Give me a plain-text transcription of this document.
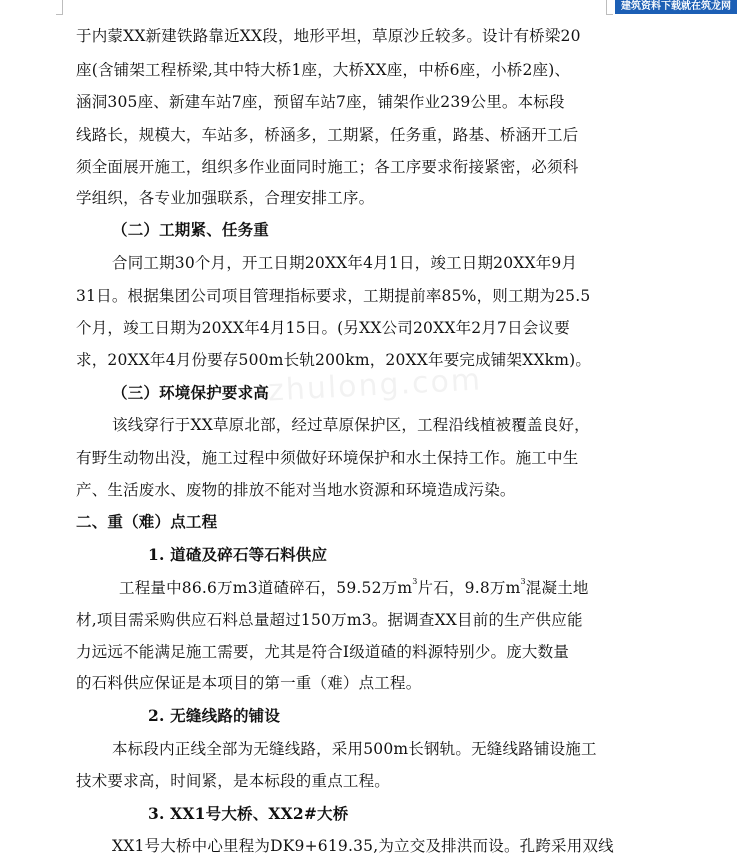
建筑资料下载就在筑龙网
zhulong.com
于内蒙XX新建铁路靠近XX段，地形平坦，草原沙丘较多。设计有桥梁20
座(含铺架工程桥梁,其中特大桥1座，大桥XX座，中桥6座，小桥2座)、
涵洞305座、新建车站7座，预留车站7座，铺架作业239公里。本标段
线路长，规模大，车站多，桥涵多，工期紧，任务重，路基、桥涵开工后
须全面展开施工，组织多作业面同时施工；各工序要求衔接紧密，必须科
学组织，各专业加强联系，合理安排工序。
（二）工期紧、任务重
合同工期30个月，开工日期20XX年4月1日，竣工日期20XX年9月
31日。根据集团公司项目管理指标要求，工期提前率85%，则工期为25.5
个月，竣工日期为20XX年4月15日。(另XX公司20XX年2月7日会议要
求，20XX年4月份要存500m长轨200km，20XX年要完成铺架XXkm)。
（三）环境保护要求高
该线穿行于XX草原北部，经过草原保护区，工程沿线植被覆盖良好，
有野生动物出没，施工过程中须做好环境保护和水土保持工作。施工中生
产、生活废水、废物的排放不能对当地水资源和环境造成污染。
二、重（难）点工程
1. 道碴及碎石等石料供应
工程量中86.6万m3道碴碎石，59.52万$m^3$片石，9.8万$m^3$混凝土地
材,项目需采购供应石料总量超过150万m3。据调查XX目前的生产供应能
力远远不能满足施工需要，尤其是符合Ⅰ级道碴的料源特别少。庞大数量
的石料供应保证是本项目的第一重（难）点工程。
2. 无缝线路的铺设
本标段内正线全部为无缝线路，采用500m长钢轨。无缝线路铺设施工
技术要求高，时间紧，是本标段的重点工程。
3. XX1号大桥、XX2#大桥
XX1号大桥中心里程为DK9+619.35,为立交及排洪而设。孔跨采用双线
